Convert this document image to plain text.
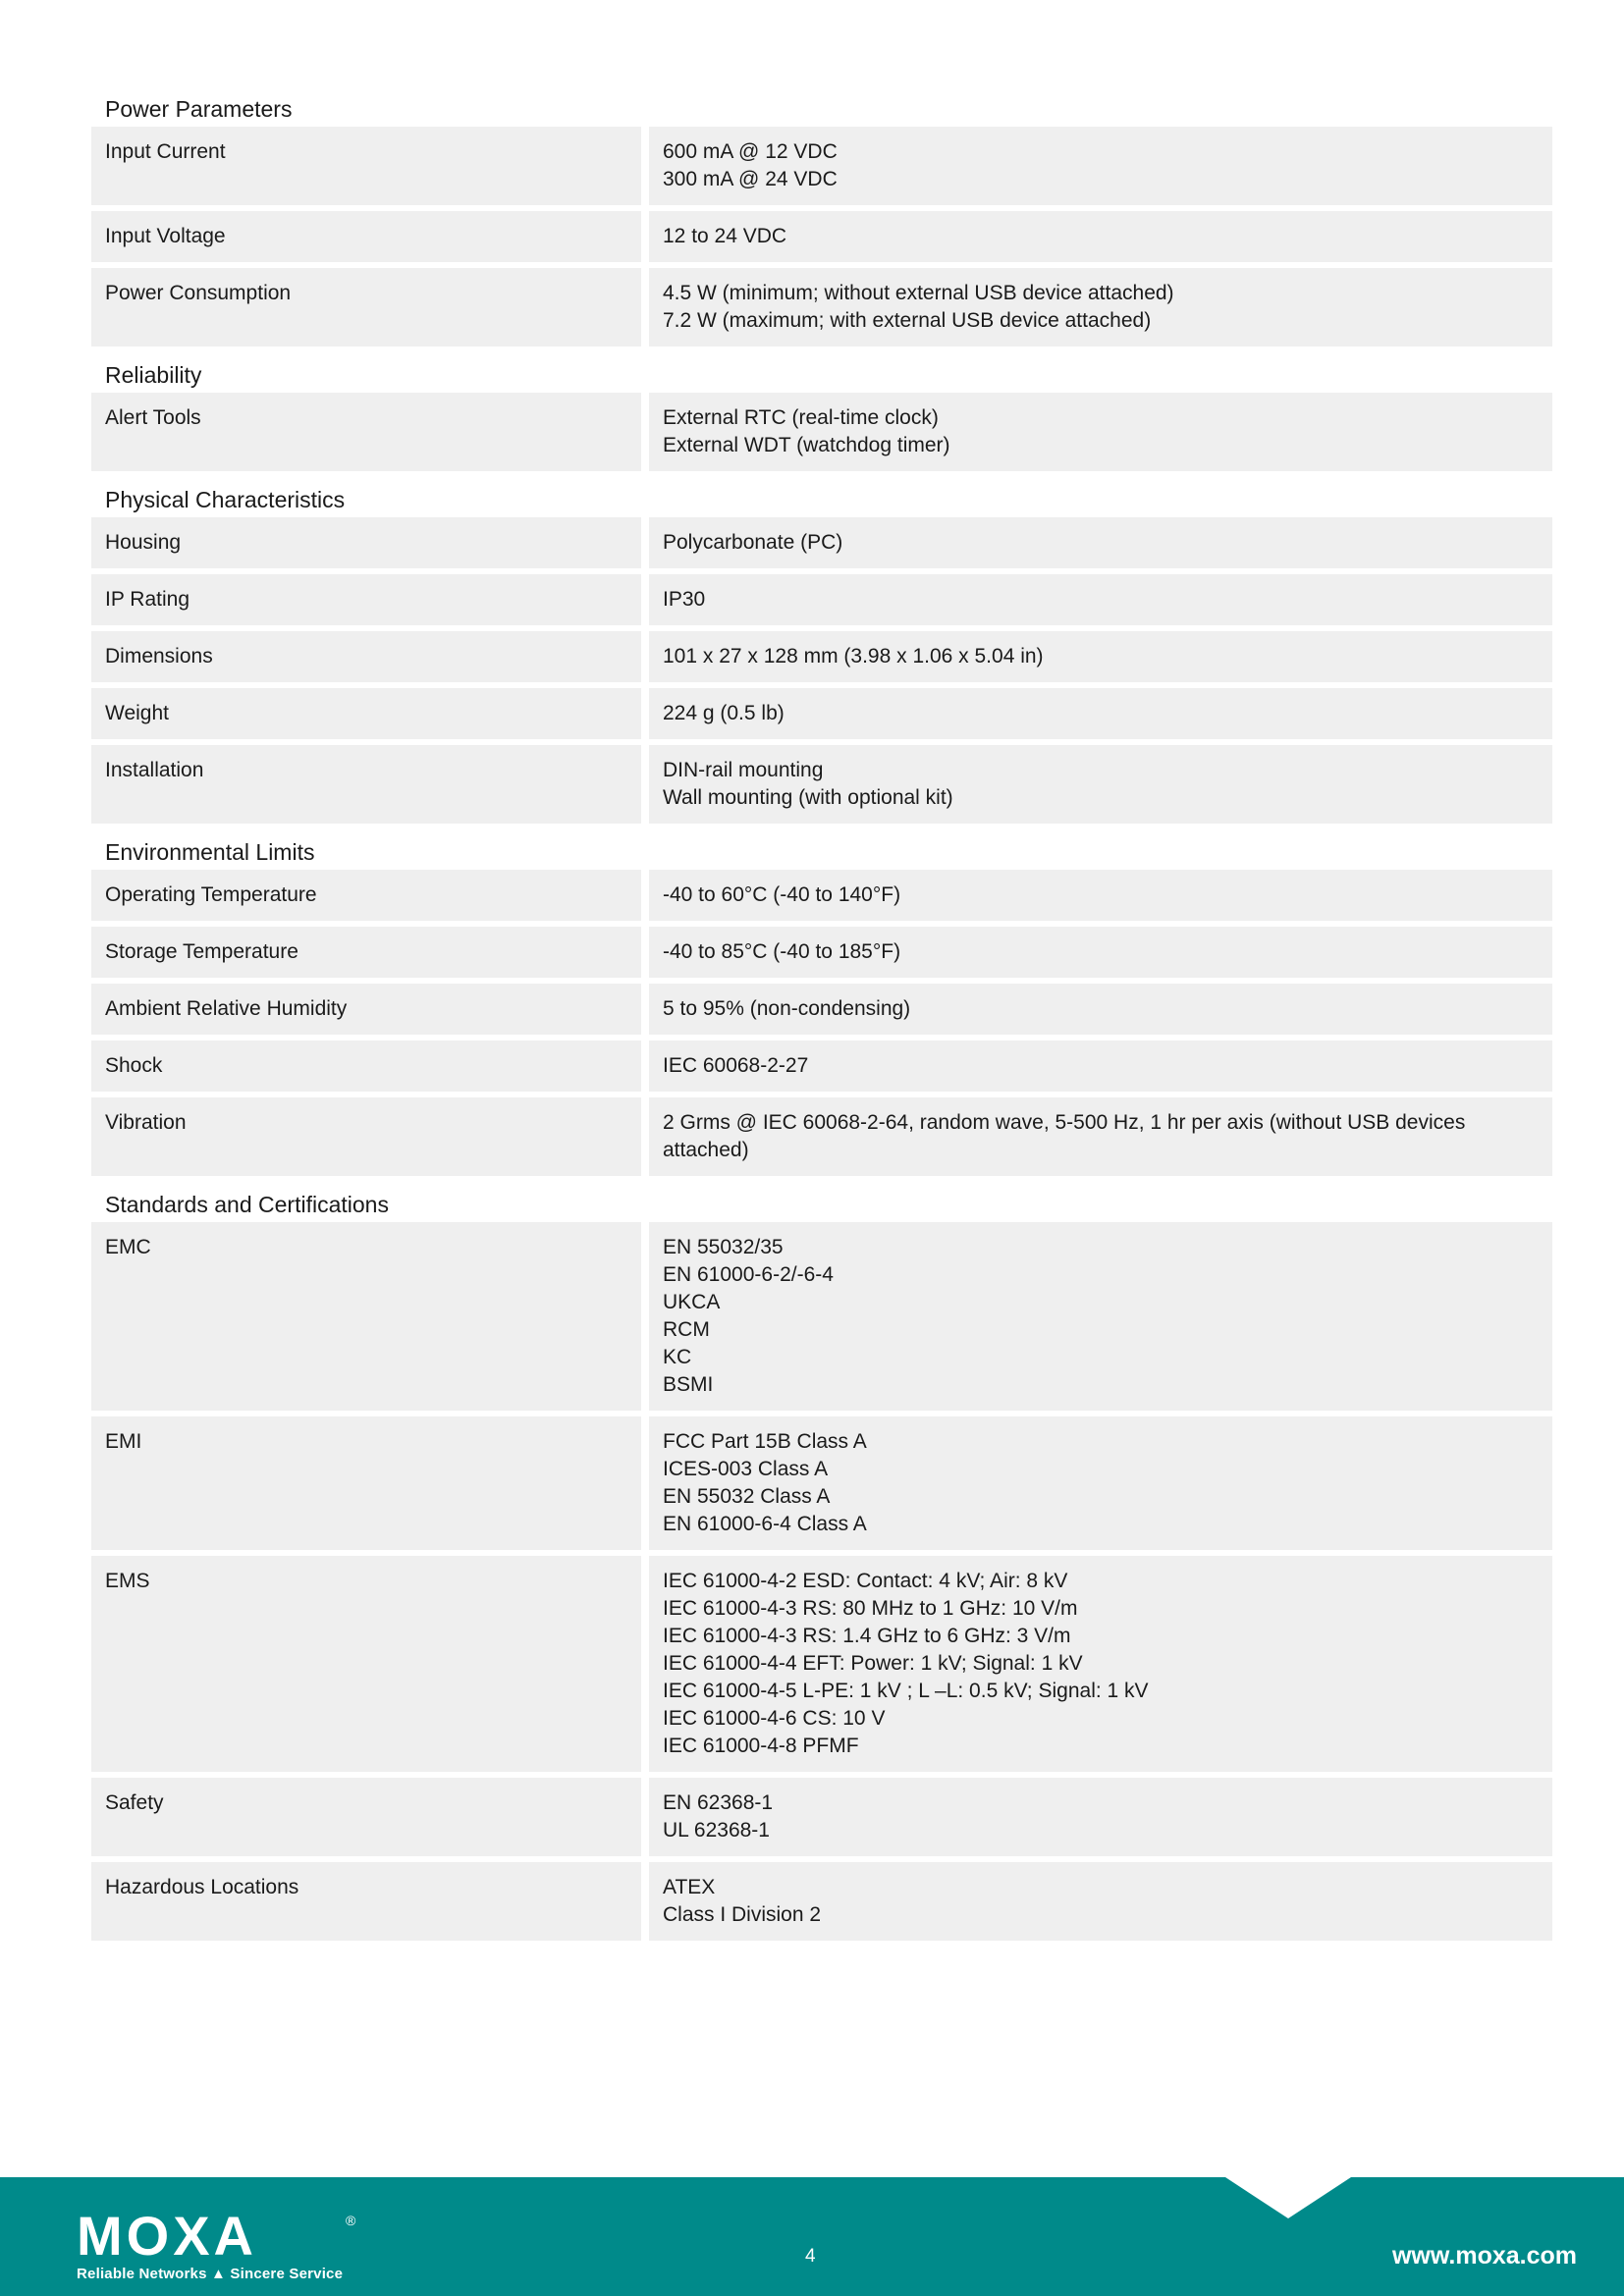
Power Parameters
Input Current	600 mA @ 12 VDC
300 mA @ 24 VDC
Input Voltage	12 to 24 VDC
Power Consumption	4.5 W (minimum; without external USB device attached)
7.2 W (maximum; with external USB device attached)
Reliability
Alert Tools	External RTC (real-time clock)
External WDT (watchdog timer)
Physical Characteristics
Housing	Polycarbonate (PC)
IP Rating	IP30
Dimensions	101 x 27 x 128 mm (3.98 x 1.06 x 5.04 in)
Weight	224 g (0.5 lb)
Installation	DIN-rail mounting
Wall mounting (with optional kit)
Environmental Limits
Operating Temperature	-40 to 60°C (-40 to 140°F)
Storage Temperature	-40 to 85°C (-40 to 185°F)
Ambient Relative Humidity	5 to 95% (non-condensing)
Shock	IEC 60068-2-27
Vibration	2 Grms @ IEC 60068-2-64, random wave, 5-500 Hz, 1 hr per axis (without USB devices
attached)
Standards and Certifications
EMC	EN 55032/35
EN 61000-6-2/-6-4
UKCA
RCM
KC
BSMI
EMI	FCC Part 15B Class A
ICES-003 Class A
EN 55032 Class A
EN 61000-6-4 Class A
EMS	IEC 61000-4-2 ESD: Contact: 4 kV; Air: 8 kV
IEC 61000-4-3 RS: 80 MHz to 1 GHz: 10 V/m
IEC 61000-4-3 RS: 1.4 GHz to 6 GHz: 3 V/m
IEC 61000-4-4 EFT: Power: 1 kV; Signal: 1 kV
IEC 61000-4-5 L-PE: 1 kV ; L –L: 0.5 kV; Signal: 1 kV
IEC 61000-4-6 CS: 10 V
IEC 61000-4-8 PFMF
Safety	EN 62368-1
UL 62368-1
Hazardous Locations	ATEX
Class I Division 2
MOXA	®
Reliable Networks ▲ Sincere Service
4	www.moxa.com
